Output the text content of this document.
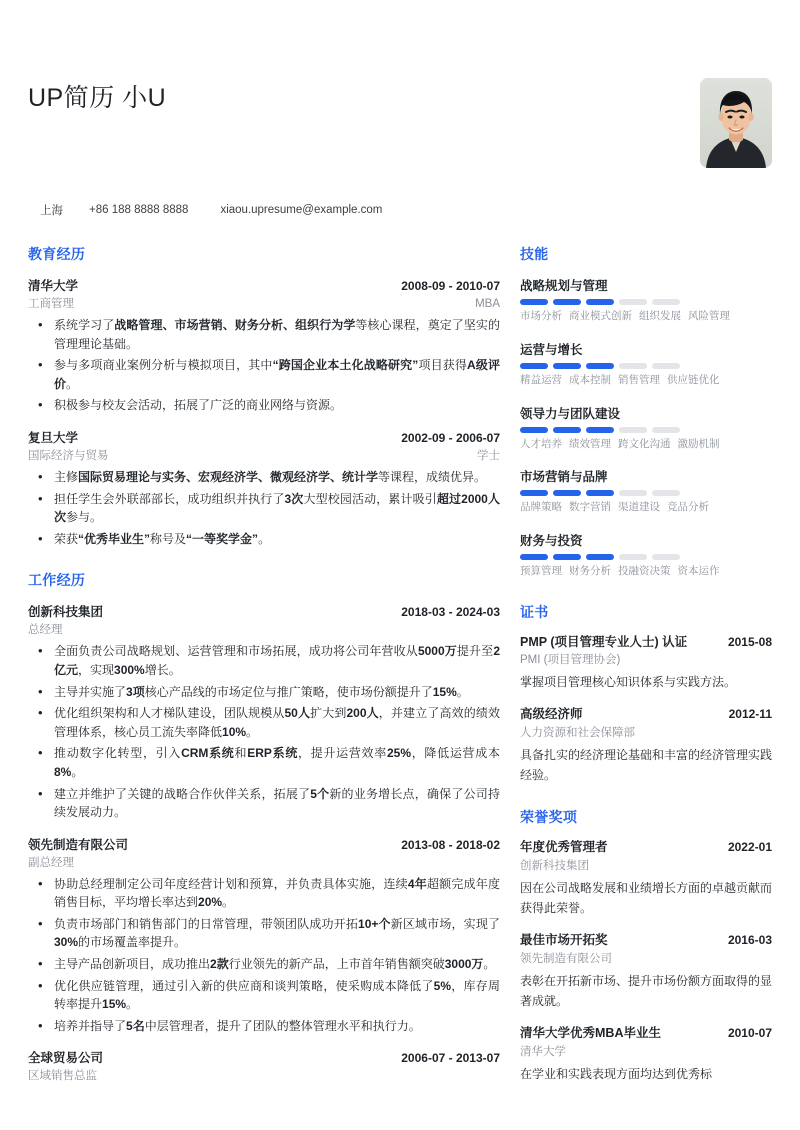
UP简历 小U
上海 +86 188 8888 8888	xiaou.upresume@example.com
教育经历
清华大学	2008-09 - 2010-07
工商管理	MBA
• 系统学习了战略管理、市场营销、财务分析、组织行为学等核心课程，奠定了坚实的管理理论基础。
• 参与多项商业案例分析与模拟项目，其中“跨国企业本土化战略研究”项目获得A级评价。
• 积极参与校友会活动，拓展了广泛的商业网络与资源。
复旦大学	2002-09 - 2006-07
国际经济与贸易	学士
• 主修国际贸易理论与实务、宏观经济学、微观经济学、统计学等课程，成绩优异。
• 担任学生会外联部部长，成功组织并执行了3次大型校园活动，累计吸引超过2000人次参与。
• 荣获“优秀毕业生”称号及“一等奖学金”。
工作经历
创新科技集团	2018-03 - 2024-03
总经理
• 全面负责公司战略规划、运营管理和市场拓展，成功将公司年营收从5000万提升至2亿元，实现300%增长。
• 主导并实施了3项核心产品线的市场定位与推广策略，使市场份额提升了15%。
• 优化组织架构和人才梯队建设，团队规模从50人扩大到200人，并建立了高效的绩效管理体系，核心员工流失率降低10%。
• 推动数字化转型，引入CRM系统和ERP系统，提升运营效率25%，降低运营成本8%。
• 建立并维护了关键的战略合作伙伴关系，拓展了5个新的业务增长点，确保了公司持续发展动力。
领先制造有限公司	2013-08 - 2018-02
副总经理
• 协助总经理制定公司年度经营计划和预算，并负责具体实施，连续4年超额完成年度销售目标，平均增长率达到20%。
• 负责市场部门和销售部门的日常管理，带领团队成功开拓10+个新区域市场，实现了30%的市场覆盖率提升。
• 主导产品创新项目，成功推出2款行业领先的新产品，上市首年销售额突破3000万。
• 优化供应链管理，通过引入新的供应商和谈判策略，使采购成本降低了5%，库存周转率提升15%。
• 培养并指导了5名中层管理者，提升了团队的整体管理水平和执行力。
全球贸易公司	2006-07 - 2013-07
区域销售总监
技能
战略规划与管理
市场分析 商业模式创新 组织发展 风险管理
运营与增长
精益运营 成本控制 销售管理 供应链优化
领导力与团队建设
人才培养 绩效管理 跨文化沟通 激励机制
市场营销与品牌
品牌策略 数字营销 渠道建设 竞品分析
财务与投资
预算管理 财务分析 投融资决策 资本运作
证书
PMP (项目管理专业人士) 认证	2015-08
PMI (项目管理协会)
掌握项目管理核心知识体系与实践方法。
高级经济师	2012-11
人力资源和社会保障部
具备扎实的经济理论基础和丰富的经济管理实践经验。
荣誉奖项
年度优秀管理者	2022-01
创新科技集团
因在公司战略发展和业绩增长方面的卓越贡献而获得此荣誉。
最佳市场开拓奖	2016-03
领先制造有限公司
表彰在开拓新市场、提升市场份额方面取得的显著成就。
清华大学优秀MBA毕业生	2010-07
清华大学
在学业和实践表现方面均达到优秀标
